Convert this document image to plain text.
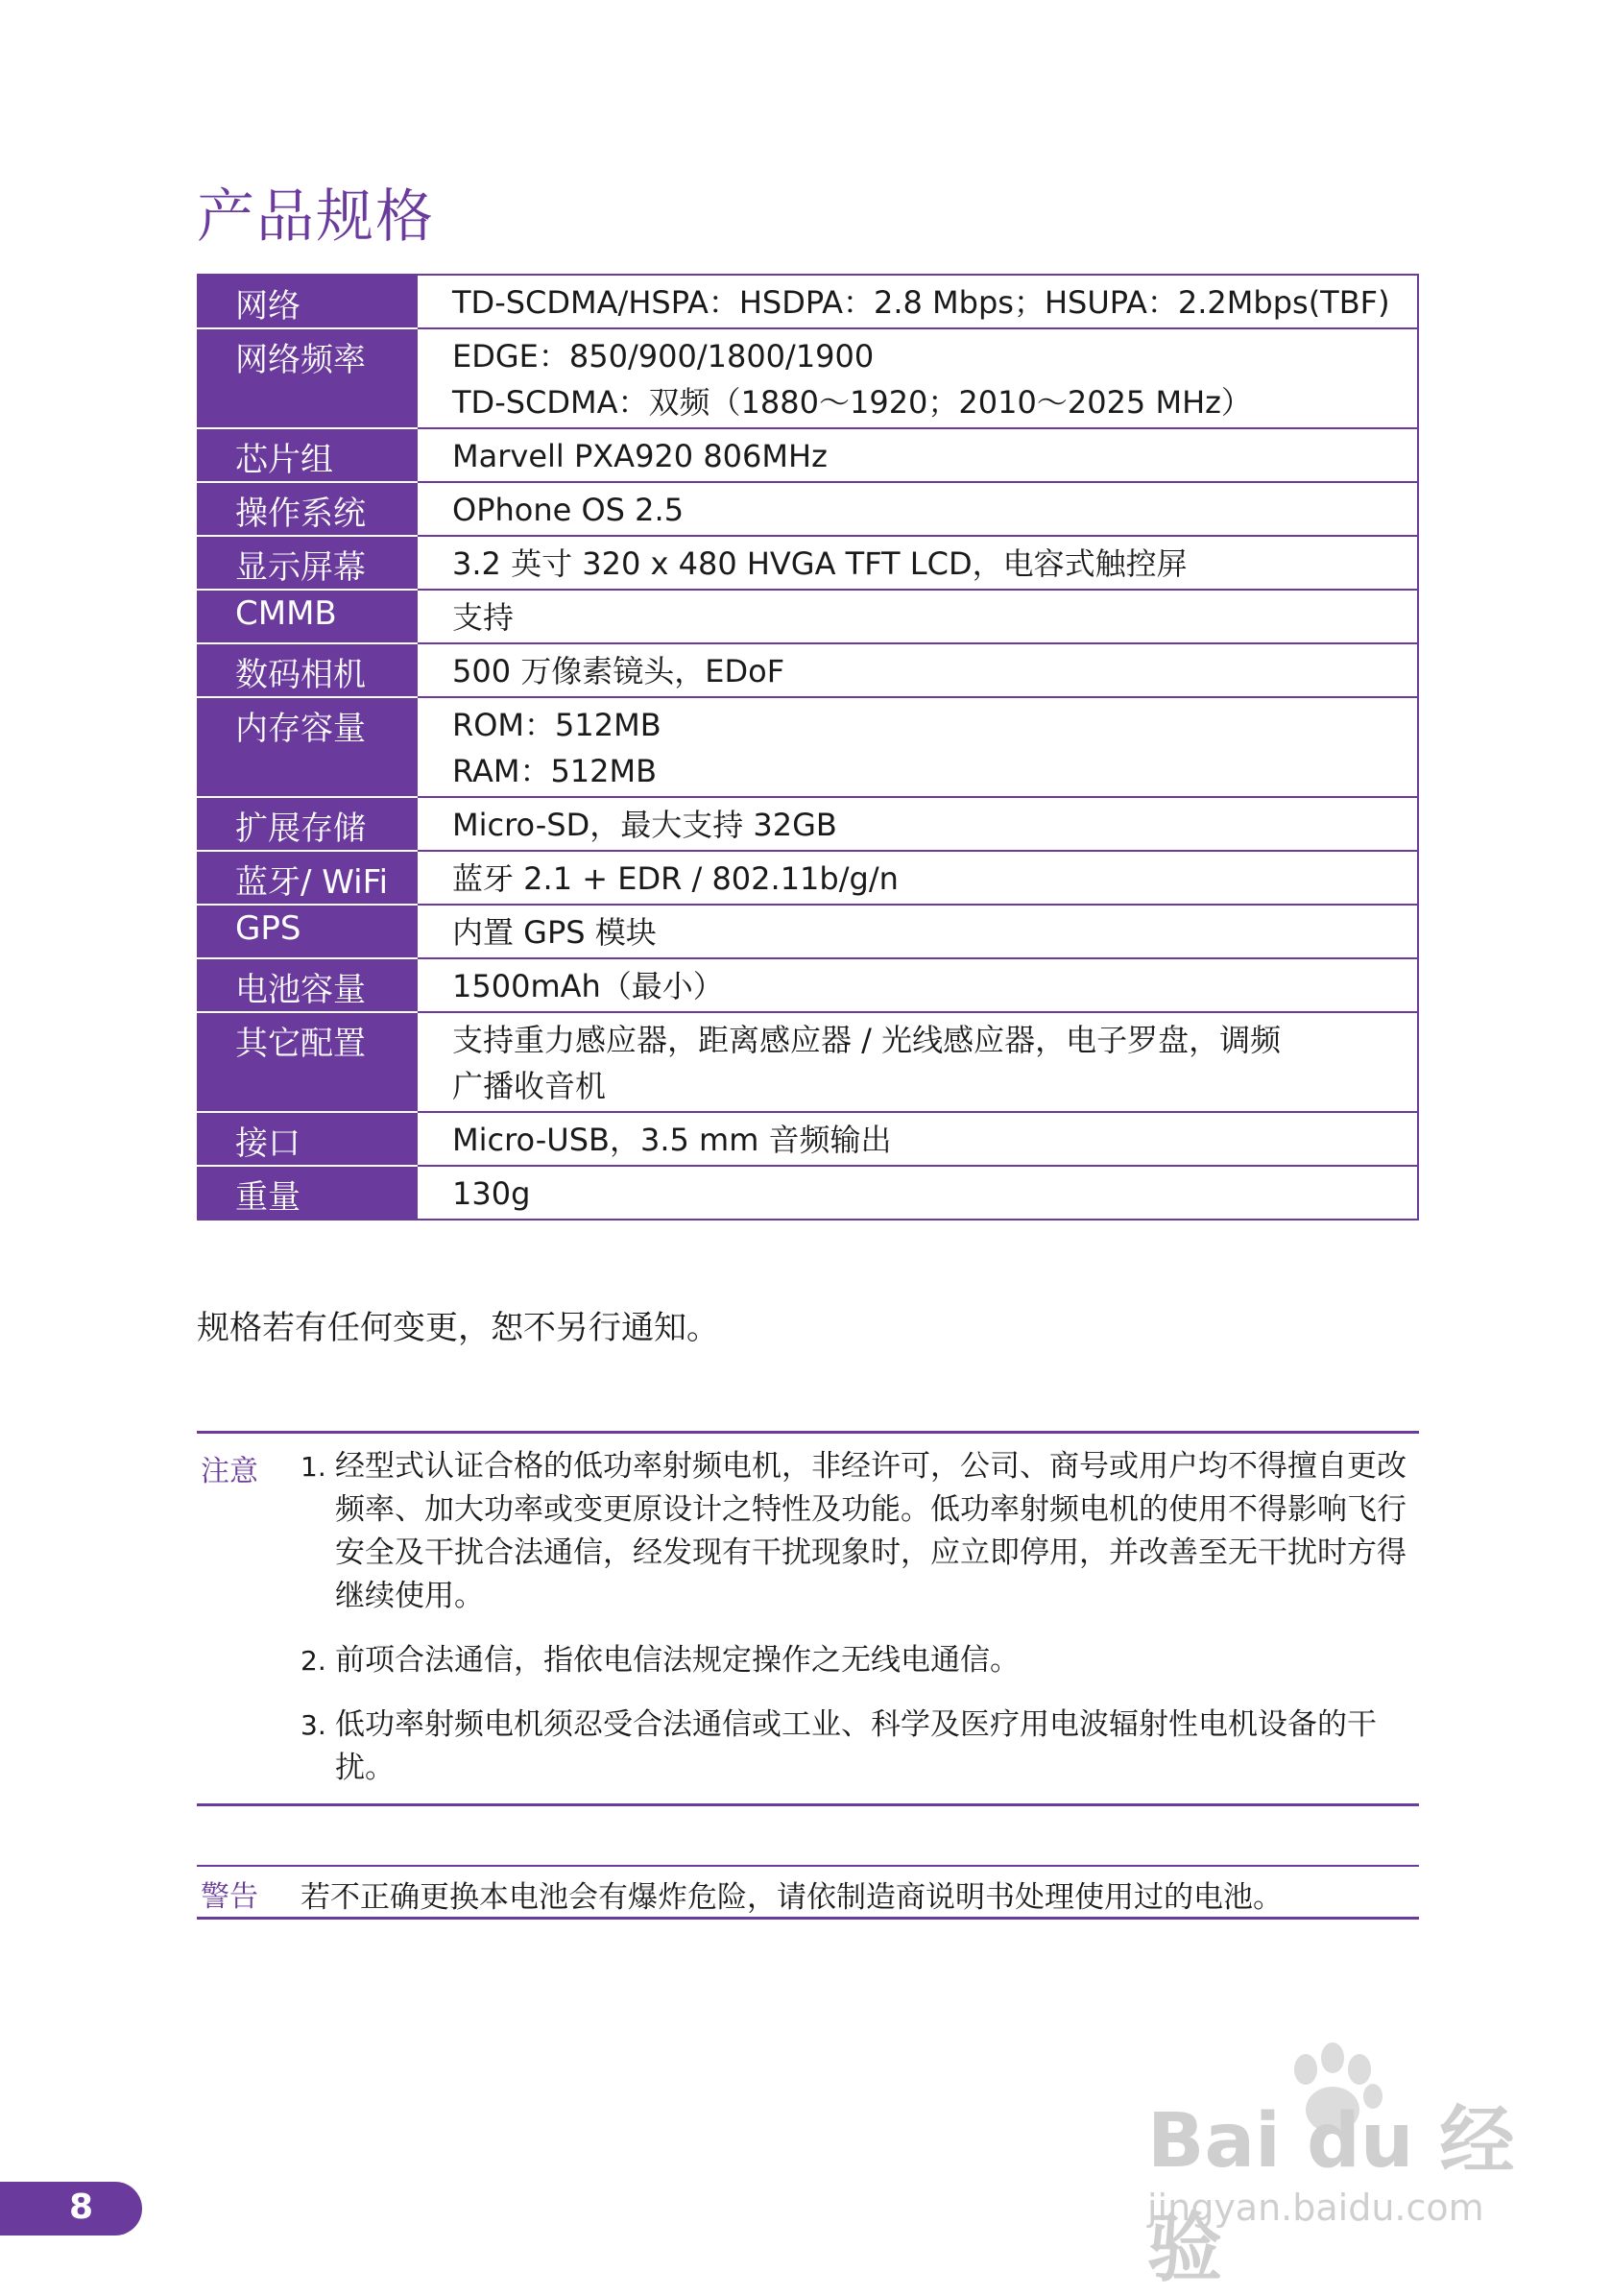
产品规格
网络	TD-SCDMA/HSPA：HSDPA：2.8 Mbps；HSUPA：2.2Mbps(TBF)

网络频率	EDGE：850/900/1800/1900
TD-SCDMA：双频（1880～1920；2010～2025 MHz）

芯片组	Marvell PXA920 806MHz

操作系统	OPhone OS 2.5

显示屏幕	3.2 英寸 320 x 480 HVGA TFT LCD，电容式触控屏

CMMB	支持

数码相机	500 万像素镜头，EDoF

内存容量	ROM：512MB
RAM：512MB

扩展存储	Micro-SD，最大支持 32GB

蓝牙/ WiFi	蓝牙 2.1 + EDR / 802.11b/g/n

GPS	内置 GPS 模块

电池容量	1500mAh（最小）

其它配置	支持重力感应器，距离感应器 / 光线感应器，电子罗盘，调频
广播收音机

接口	Micro-USB，3.5 mm 音频输出

重量	130g
规格若有任何变更，恕不另行通知。
注意 1. 经型式认证合格的低功率射频电机，非经许可，公司、商号或用户均不得擅自更改频率、加大功率或变更原设计之特性及功能。低功率射频电机的使用不得影响飞行安全及干扰合法通信，经发现有干扰现象时，应立即停用，并改善至无干扰时方得继续使用。
2. 前项合法通信，指依电信法规定操作之无线电通信。
3. 低功率射频电机须忍受合法通信或工业、科学及医疗用电波辐射性电机设备的干扰。
警告 若不正确更换本电池会有爆炸危险，请依制造商说明书处理使用过的电池。
8
Bai du 经验
jingyan.baidu.com
